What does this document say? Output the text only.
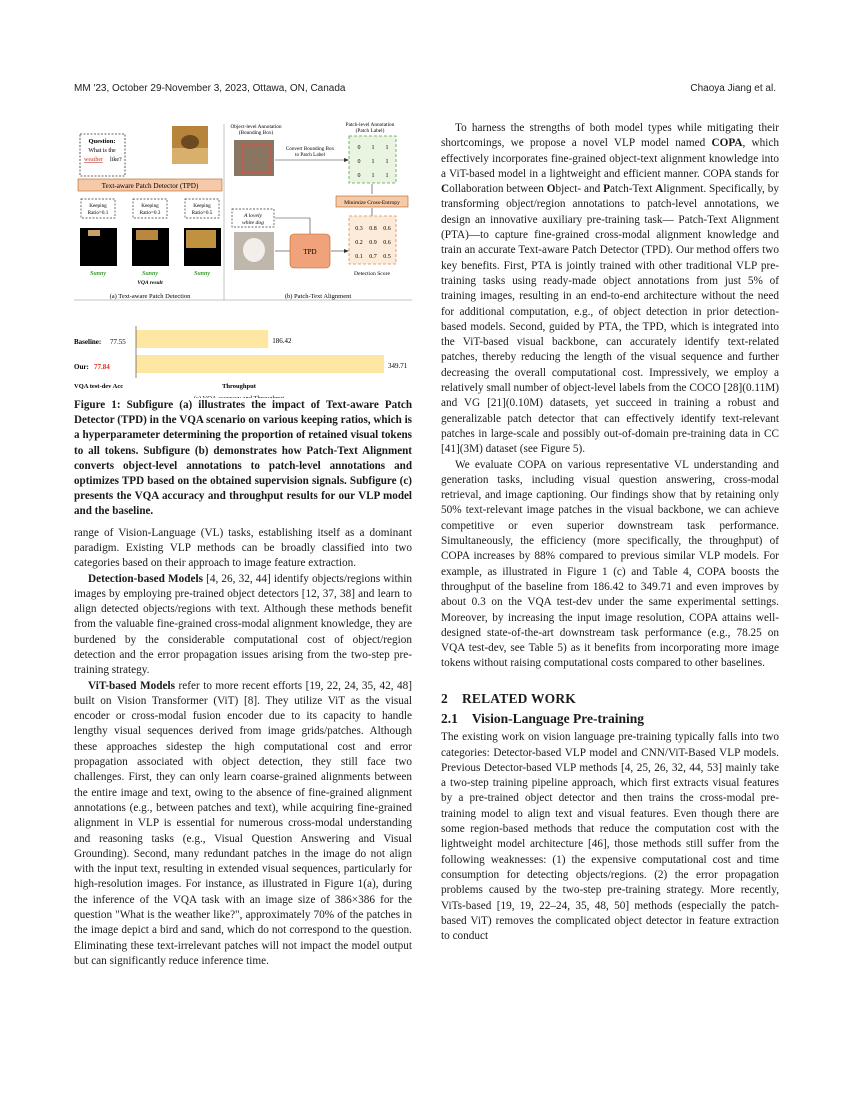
MM '23, October 29-November 3, 2023, Ottawa, ON, Canada	Chaoya Jiang et al.
Question:
What is the
weather like?
Text-aware Patch Detector (TPD)
Keeping
Ratio=0.1
Keeping
Ratio=0.3
Keeping
Ratio=0.5
Sunny	Sunny	Sunny
VQA result
(a) Text-aware Patch Detection	(b) Patch-Text Alignment
Object-level Annotation
(Bounding Box)
Patch-level Annotation
(Patch Label)
Convert Bounding Box
to Patch Label
0 1 1
0 1 1
0 1 1
Minimize Cross-Entropy
A lovely
white dog
TPD
0.3 0.8 0.6
0.2 0.9 0.6
0.1 0.7 0.5
Detection Score
186.42
349.71
Baseline: 77.55
Our: 77.84
VQA test-dev Acc	Throughput

Figure 1: Subfigure (a) illustrates the impact of Text-aware Patch Detector (TPD) in the VQA scenario on various keeping ratios, which is a hyperparameter determining the proportion of retained visual tokens to all tokens. Subfigure (b) demonstrates how Patch-Text Alignment converts object-level annotations to patch-level annotations and optimizes TPD based on the obtained supervision signals. Subfigure (c) presents the VQA accuracy and throughput results for our VLP model and the baseline.

range of Vision-Language (VL) tasks, establishing itself as a dominant paradigm. Existing VLP methods can be broadly classified into two categories based on their approach to image feature extraction.

Detection-based Models [4, 26, 32, 44] identify objects/regions within images by employing pre-trained object detectors [12, 37, 38] and learn to align detected objects/regions with text. Although these methods benefit from the valuable fine-grained cross-modal alignment knowledge, they are burdened by the considerable computational cost of object/region detection and the error propagation issues arising from the two-step pre-training strategy.

ViT-based Models refer to more recent efforts [19, 22, 24, 35, 42, 48] built on Vision Transformer (ViT) [8]. They utilize ViT as the visual encoder or cross-modal fusion encoder due to its capacity to handle lengthy visual sequences derived from image grids/patches. Although these approaches sidestep the high computational cost and error propagation associated with object detection, they still face two challenges. First, they can only learn coarse-grained alignments between the entire image and text, owing to the absence of fine-grained alignment annotations (e.g., between patches and text), while acquiring fine-grained alignment in VLP is essential for numerous cross-modal understanding and reasoning tasks (e.g., Visual Question Answering and Visual Grounding). Second, many redundant patches in the image do not align with the input text, resulting in extended visual sequences, particularly for high-resolution images. For instance, as illustrated in Figure 1(a), during the inference of the VQA task with an image size of 386×386 for the question "What is the weather like?", approximately 70% of the patches in the image depict a bird and sand, which do not correspond to the question. Eliminating these text-irrelevant patches will not impact the model output but can significantly reduce inference time.

To harness the strengths of both model types while mitigating their shortcomings, we propose a novel VLP model named COPA, which effectively incorporates fine-grained object-text alignment knowledge into a ViT-based model in a lightweight and efficient manner. COPA stands for Collaboration between Object- and Patch-Text Alignment. Specifically, by transforming object/region annotations to patch-level annotations, we design an innovative auxiliary pre-training task— Patch-Text Alignment (PTA)—to capture fine-grained cross-modal alignment knowledge and train an accurate Text-aware Patch Detector (TPD). Our method offers two key benefits. First, PTA is jointly trained with other traditional VLP pre-training tasks using ready-made object annotations from just 5% of training images, resulting in an end-to-end architecture without the need for additional computation, e.g., of object detection in prior detection-based models. Second, guided by PTA, the TPD, which is integrated into the ViT-based visual backbone, can accurately identify text-related patches, thereby reducing the length of the visual sequence and further decreasing the overall computational cost. Impressively, we employ a relatively small number of object-level labels from the COCO [28](0.11M) and VG [21](0.10M) datasets, yet succeed in training a robust and generalizable patch detector that can effectively identify text-relevant patches in large-scale and possibly out-of-domain pre-training data in CC [41](3M) dataset (see Figure 5).

We evaluate COPA on various representative VL understanding and generation tasks, including visual question answering, cross-modal retrieval, and image captioning. Our findings show that by retaining only 50% text-relevant image patches in the visual backbone, we can achieve competitive or even superior downstream task performance. Simultaneously, the efficiency (more specifically, the throughput) of COPA increases by 88% compared to previous similar VLP models. For example, as illustrated in Figure 1 (c) and Table 4, COPA boosts the throughput of the baseline from 186.42 to 349.71 and even improves by about 0.3 on the VQA test-dev under the same experimental settings. Moreover, by increasing the input image resolution, COPA attains well-designed state-of-the-art downstream task performance (e.g., 78.25 on VQA test-dev, see Table 5) as it benefits from incorporating more image tokens without raising computational costs compared to other baselines.

2 RELATED WORK
2.1 Vision-Language Pre-training

The existing work on vision language pre-training typically falls into two categories: Detector-based VLP model and CNN/ViT-Based VLP models. Previous Detector-based VLP methods [4, 25, 26, 32, 44, 53] mainly take a two-step training pipeline approach, which first extracts visual features by a pre-trained object detector and then trains the cross-modal pre-training model to align text and visual features. Even though there are some region-based methods that reduce the computation cost with the lightweight model architecture [46], those methods still suffer from the following weaknesses: (1) the expensive computational cost and time consumption for detecting objects/regions. (2) the error propagation problems caused by the two-step pre-training strategy. More recently, ViTs-based [19, 19, 22–24, 35, 48, 50] methods (especially the patch-based ViT) removes the complicated object detector in feature extraction to conduct
